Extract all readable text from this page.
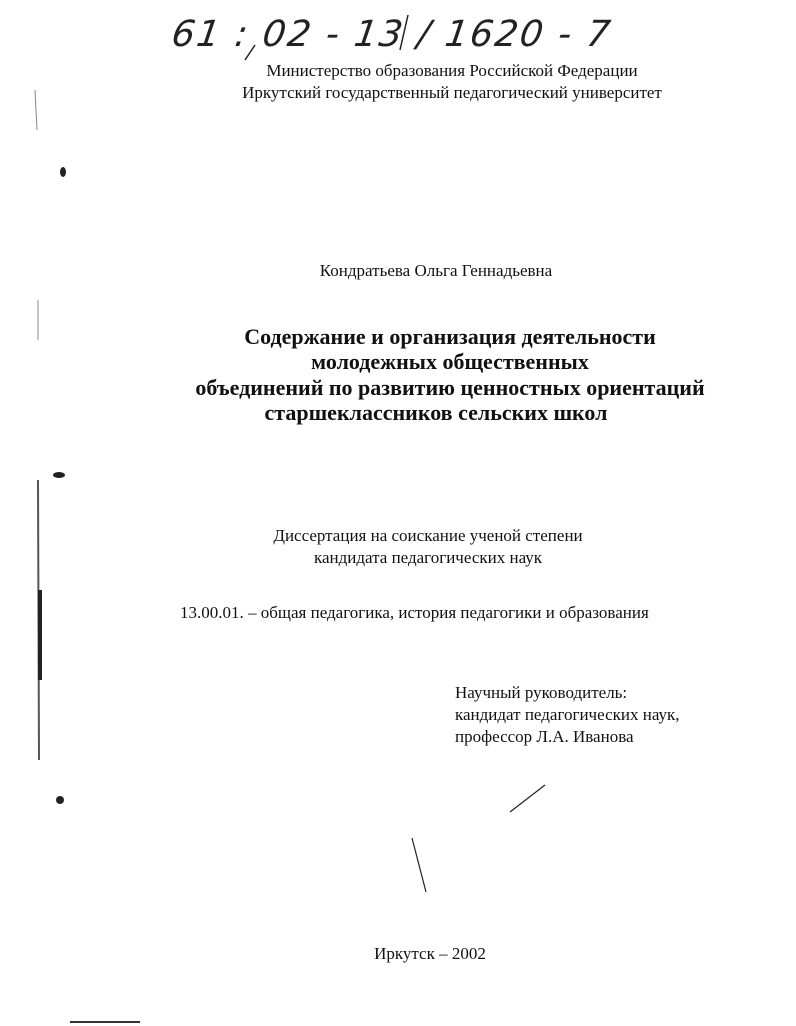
61 : 02 - 13 / 1620 - 7
Министерство образования Российской Федерации
Иркутский государственный педагогический университет
Кондратьева Ольга Геннадьевна
Содержание и организация деятельности
молодежных общественных
объединений по развитию ценностных ориентаций
старшеклассников сельских школ
Диссертация на соискание ученой степени
кандидата педагогических наук
13.00.01. – общая педагогика, история педагогики и образования
Научный руководитель:
кандидат педагогических наук,
профессор Л.А. Иванова
Иркутск – 2002
